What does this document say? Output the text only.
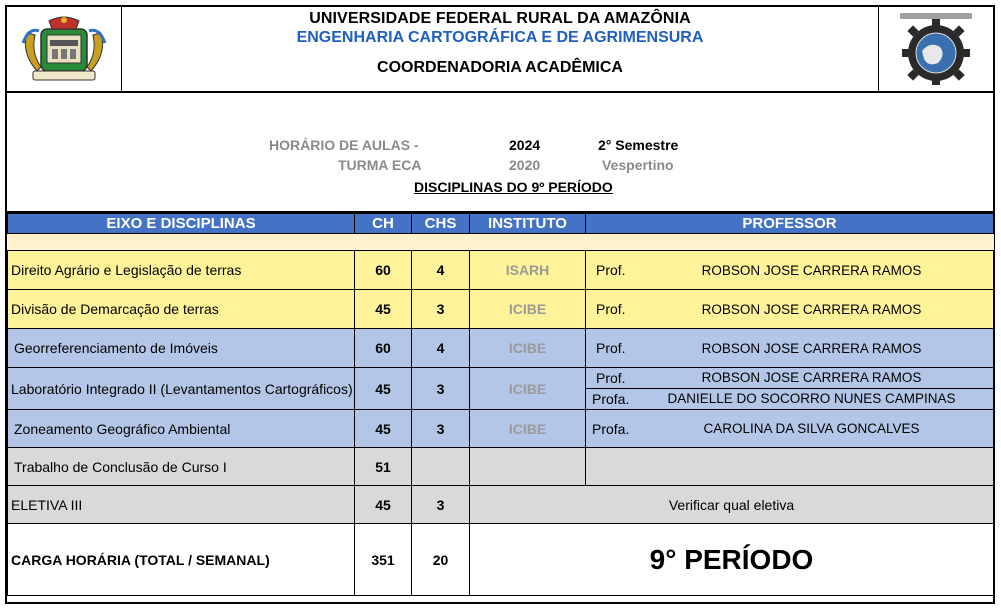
UNIVERSIDADE FEDERAL RURAL DA AMAZÔNIA
ENGENHARIA CARTOGRÁFICA E DE AGRIMENSURA
COORDENADORIA ACADÊMICA
HORÁRIO DE AULAS -	2024	2° Semestre
TURMA ECA	2020	Vespertino
DISCIPLINAS DO 9º PERÍODO
EIXO E DISCIPLINAS	CH	CHS	INSTITUTO	PROFESSOR

Direito Agrário e Legislação de terras	60	4	ISARH	Prof. ROBSON JOSE CARRERA RAMOS

Divisão de Demarcação de terras	45	3	ICIBE	Prof. ROBSON JOSE CARRERA RAMOS

Georreferenciamento de Imóveis	60	4	ICIBE	Prof. ROBSON JOSE CARRERA RAMOS

Laboratório Integrado II (Levantamentos Cartográficos)	45	3	ICIBE	Prof. ROBSON JOSE CARRERA RAMOS
Profa. DANIELLE DO SOCORRO NUNES CAMPINAS

Zoneamento Geográfico Ambiental	45	3	ICIBE	Profa. CAROLINA DA SILVA GONCALVES

Trabalho de Conclusão de Curso I	51			
ELETIVA III	45	3	Verificar qual eletiva	
CARGA HORÁRIA (TOTAL / SEMANAL)	351	20	9° PERÍODO	
